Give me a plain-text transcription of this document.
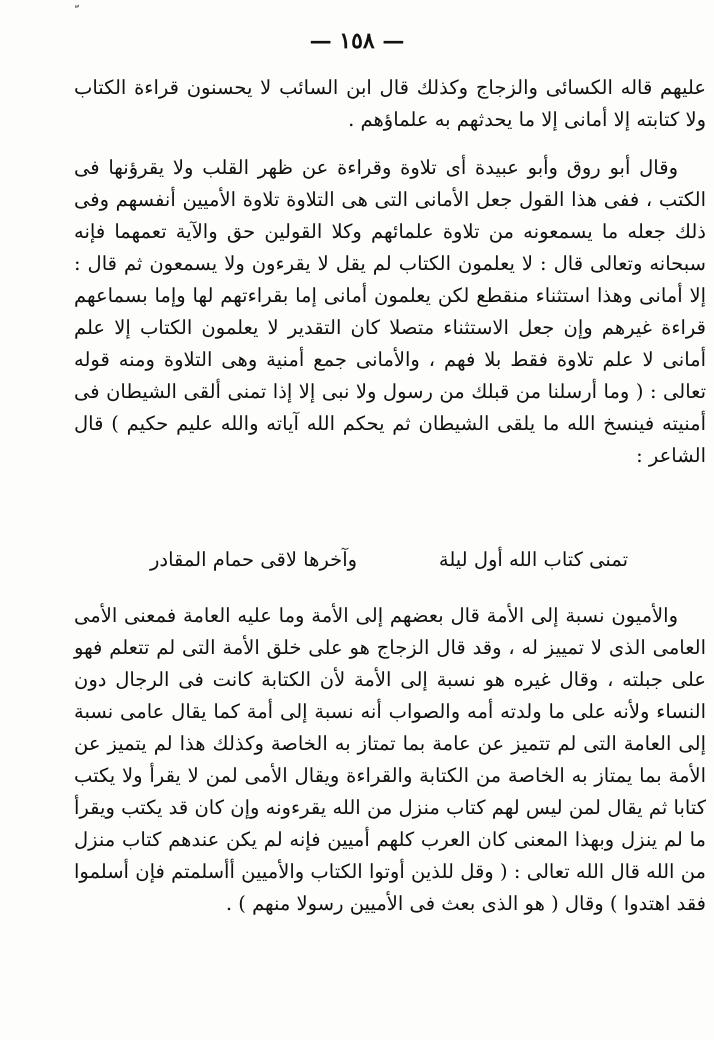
— ١٥٨ —
عليهم قاله الكسائى والزجاج وكذلك قال ابن السائب لا يحسنون قراءة الكتاب ولا كتابته إلا أمانى إلا ما يحدثهم به علماؤهم .
وقال أبو روق وأبو عبيدة أى تلاوة وقراءة عن ظهر القلب ولا يقرؤنها فى الكتب ، ففى هذا القول جعل الأمانى التى هى التلاوة تلاوة الأميين أنفسهم وفى ذلك جعله ما يسمعونه من تلاوة علمائهم وكلا القولين حق والآية تعمهما فإنه سبحانه وتعالى قال : لا يعلمون الكتاب لم يقل لا يقرءون ولا يسمعون ثم قال : إلا أمانى وهذا استثناء منقطع لكن يعلمون أمانى إما بقراءتهم لها وإما بسماعهم قراءة غيرهم وإن جعل الاستثناء متصلا كان التقدير لا يعلمون الكتاب إلا علم أمانى لا علم تلاوة فقط بلا فهم ، والأمانى جمع أمنية وهى التلاوة ومنه قوله تعالى : ( وما أرسلنا من قبلك من رسول ولا نبى إلا إذا تمنى ألقى الشيطان فى أمنيته فينسخ الله ما يلقى الشيطان ثم يحكم الله آياته والله عليم حكيم ) قال الشاعر :
تمنى كتاب الله أول ليلة
وآخرها لاقى حمام المقادر
والأميون نسبة إلى الأمة قال بعضهم إلى الأمة وما عليه العامة فمعنى الأمى العامى الذى لا تمييز له ، وقد قال الزجاج هو على خلق الأمة التى لم تتعلم فهو على جبلته ، وقال غيره هو نسبة إلى الأمة لأن الكتابة كانت فى الرجال دون النساء ولأنه على ما ولدته أمه والصواب أنه نسبة إلى أمة كما يقال عامى نسبة إلى العامة التى لم تتميز عن عامة بما تمتاز به الخاصة وكذلك هذا لم يتميز عن الأمة بما يمتاز به الخاصة من الكتابة والقراءة ويقال الأمى لمن لا يقرأ ولا يكتب كتابا ثم يقال لمن ليس لهم كتاب منزل من الله يقرءونه وإن كان قد يكتب ويقرأ ما لم ينزل وبهذا المعنى كان العرب كلهم أميين فإنه لم يكن عندهم كتاب منزل من الله قال الله تعالى : ( وقل للذين أوتوا الكتاب والأميين أأسلمتم فإن أسلموا فقد اهتدوا ) وقال ( هو الذى بعث فى الأميين رسولا منهم ) .
